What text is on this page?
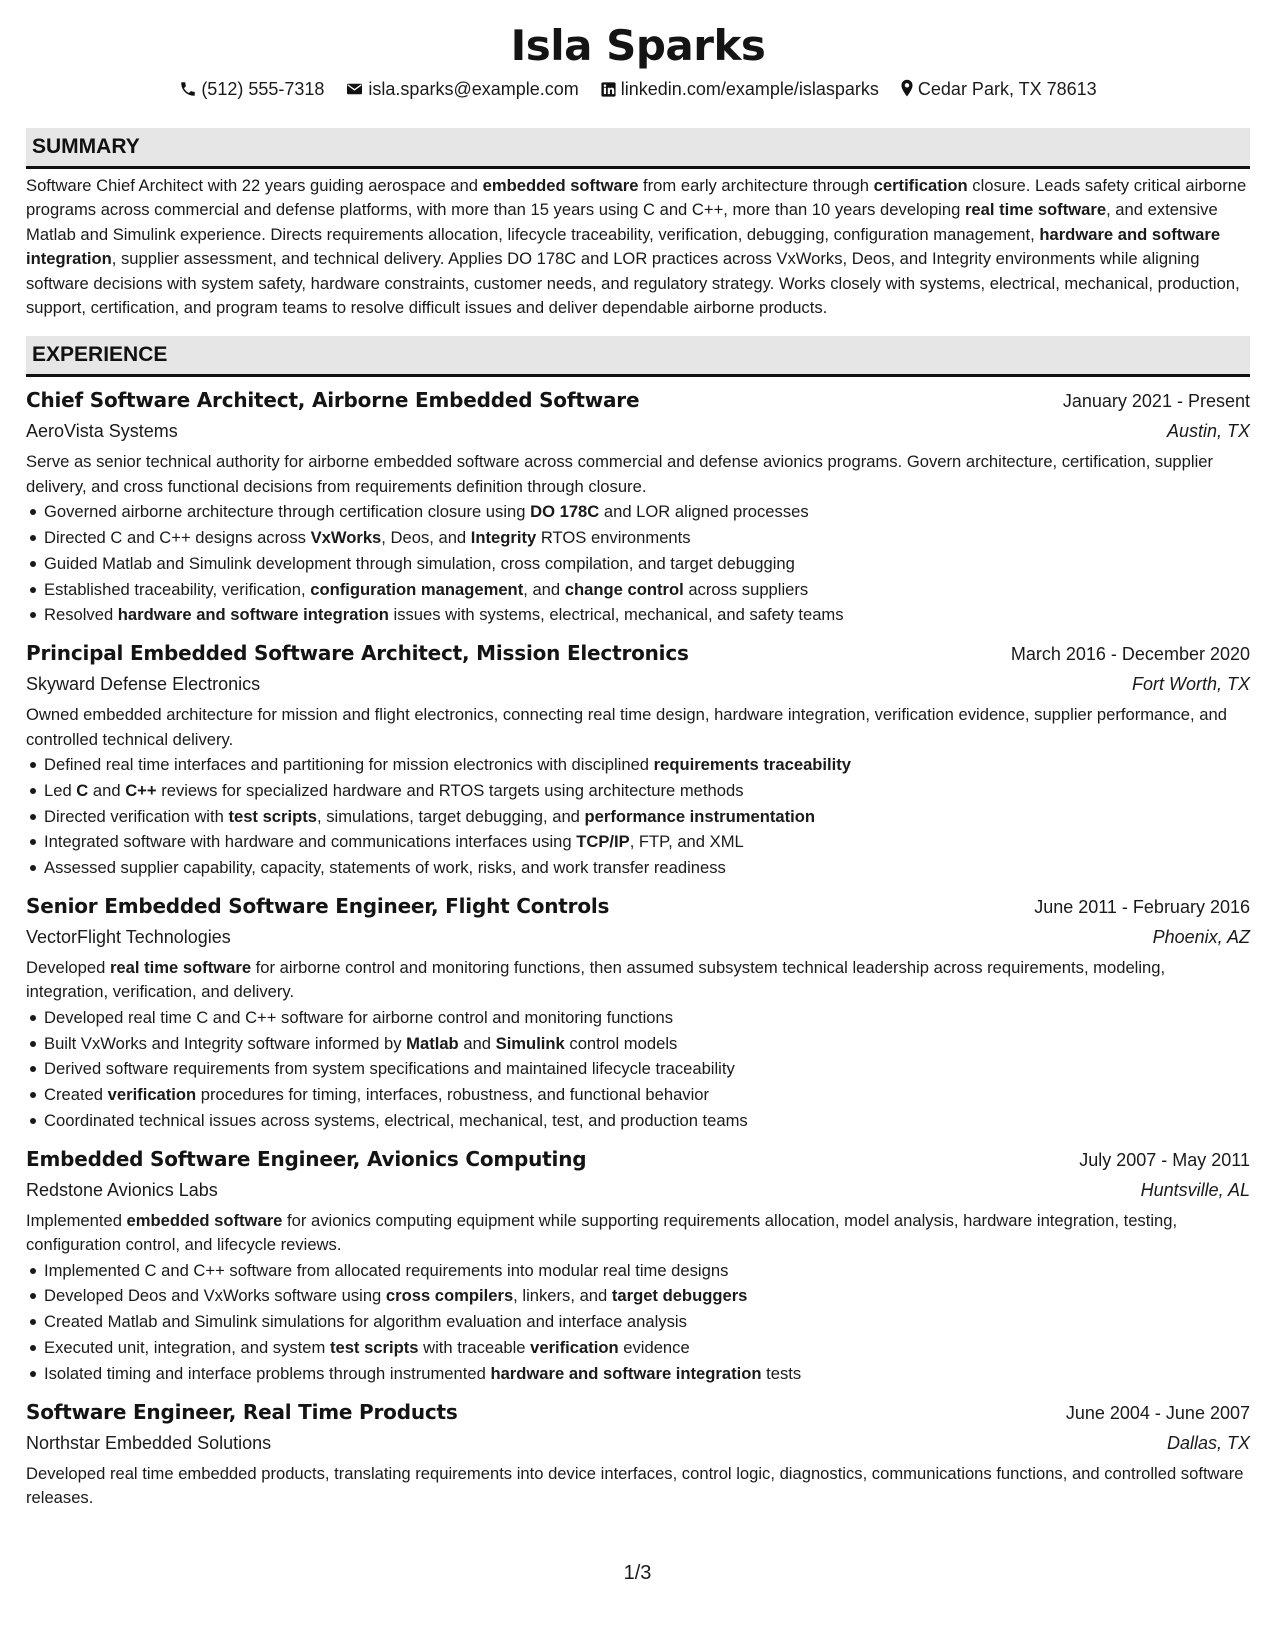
Isla Sparks
(512) 555-7318 isla.sparks@example.com linkedin.com/example/islasparks Cedar Park, TX 78613
SUMMARY
Software Chief Architect with 22 years guiding aerospace and embedded software from early architecture through certification closure. Leads safety critical airborne programs across commercial and defense platforms, with more than 15 years using C and C++, more than 10 years developing real time software, and extensive Matlab and Simulink experience. Directs requirements allocation, lifecycle traceability, verification, debugging, configuration management, hardware and software integration, supplier assessment, and technical delivery. Applies DO 178C and LOR practices across VxWorks, Deos, and Integrity environments while aligning software decisions with system safety, hardware constraints, customer needs, and regulatory strategy. Works closely with systems, electrical, mechanical, production, support, certification, and program teams to resolve difficult issues and deliver dependable airborne products.
EXPERIENCE
Chief Software Architect, Airborne Embedded Software	January 2021 - Present
AeroVista Systems	Austin, TX
Serve as senior technical authority for airborne embedded software across commercial and defense avionics programs. Govern architecture, certification, supplier delivery, and cross functional decisions from requirements definition through closure.
Governed airborne architecture through certification closure using DO 178C and LOR aligned processes
Directed C and C++ designs across VxWorks, Deos, and Integrity RTOS environments
Guided Matlab and Simulink development through simulation, cross compilation, and target debugging
Established traceability, verification, configuration management, and change control across suppliers
Resolved hardware and software integration issues with systems, electrical, mechanical, and safety teams
Principal Embedded Software Architect, Mission Electronics	March 2016 - December 2020
Skyward Defense Electronics	Fort Worth, TX
Owned embedded architecture for mission and flight electronics, connecting real time design, hardware integration, verification evidence, supplier performance, and controlled technical delivery.
Defined real time interfaces and partitioning for mission electronics with disciplined requirements traceability
Led C and C++ reviews for specialized hardware and RTOS targets using architecture methods
Directed verification with test scripts, simulations, target debugging, and performance instrumentation
Integrated software with hardware and communications interfaces using TCP/IP, FTP, and XML
Assessed supplier capability, capacity, statements of work, risks, and work transfer readiness
Senior Embedded Software Engineer, Flight Controls	June 2011 - February 2016
VectorFlight Technologies	Phoenix, AZ
Developed real time software for airborne control and monitoring functions, then assumed subsystem technical leadership across requirements, modeling, integration, verification, and delivery.
Developed real time C and C++ software for airborne control and monitoring functions
Built VxWorks and Integrity software informed by Matlab and Simulink control models
Derived software requirements from system specifications and maintained lifecycle traceability
Created verification procedures for timing, interfaces, robustness, and functional behavior
Coordinated technical issues across systems, electrical, mechanical, test, and production teams
Embedded Software Engineer, Avionics Computing	July 2007 - May 2011
Redstone Avionics Labs	Huntsville, AL
Implemented embedded software for avionics computing equipment while supporting requirements allocation, model analysis, hardware integration, testing, configuration control, and lifecycle reviews.
Implemented C and C++ software from allocated requirements into modular real time designs
Developed Deos and VxWorks software using cross compilers, linkers, and target debuggers
Created Matlab and Simulink simulations for algorithm evaluation and interface analysis
Executed unit, integration, and system test scripts with traceable verification evidence
Isolated timing and interface problems through instrumented hardware and software integration tests
Software Engineer, Real Time Products	June 2004 - June 2007
Northstar Embedded Solutions	Dallas, TX
Developed real time embedded products, translating requirements into device interfaces, control logic, diagnostics, communications functions, and controlled software releases.
1/3
